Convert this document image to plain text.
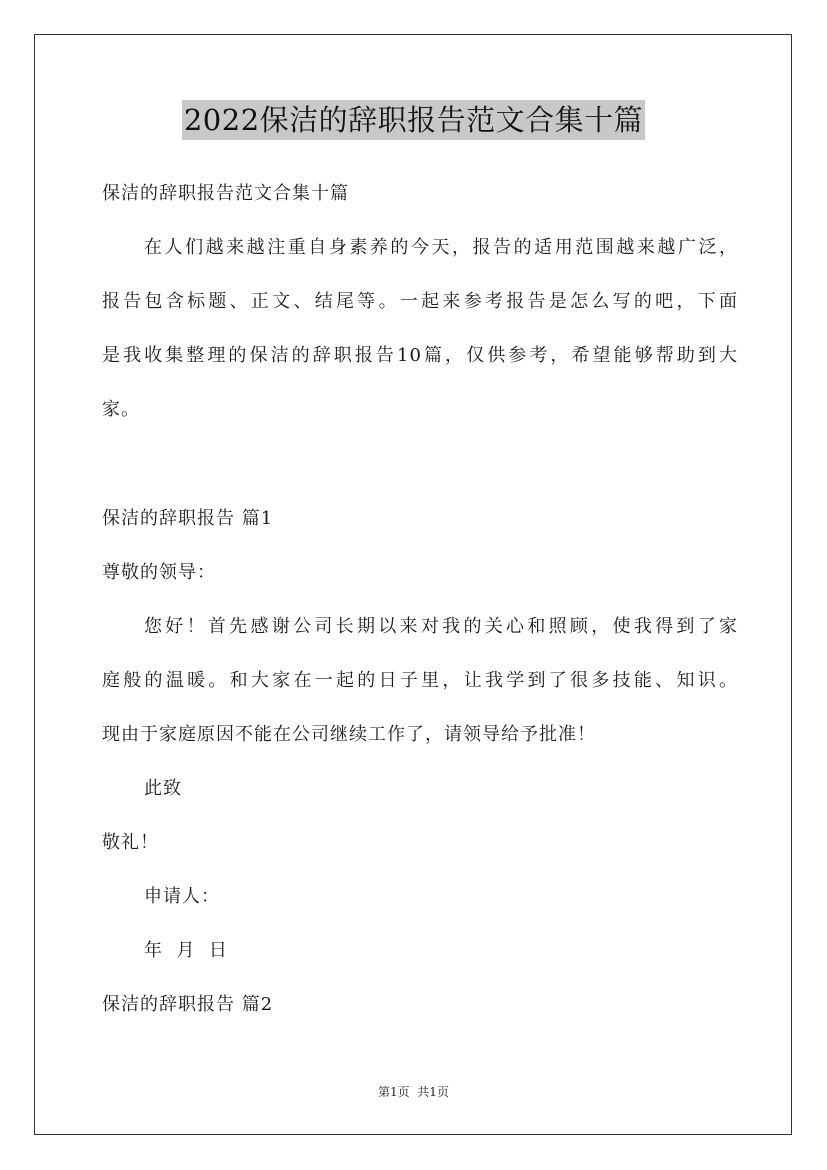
2022保洁的辞职报告范文合集十篇
保洁的辞职报告范文合集十篇
在人们越来越注重自身素养的今天，报告的适用范围越来越广泛，
报告包含标题、正文、结尾等。一起来参考报告是怎么写的吧，下面
是我收集整理的保洁的辞职报告10篇，仅供参考，希望能够帮助到大
家。
保洁的辞职报告 篇1
尊敬的领导：
您好！首先感谢公司长期以来对我的关心和照顾，使我得到了家
庭般的温暖。和大家在一起的日子里，让我学到了很多技能、知识。
现由于家庭原因不能在公司继续工作了，请领导给予批准！
此致
敬礼！
申请人：
年  月  日
保洁的辞职报告 篇2
第1页  共1页
